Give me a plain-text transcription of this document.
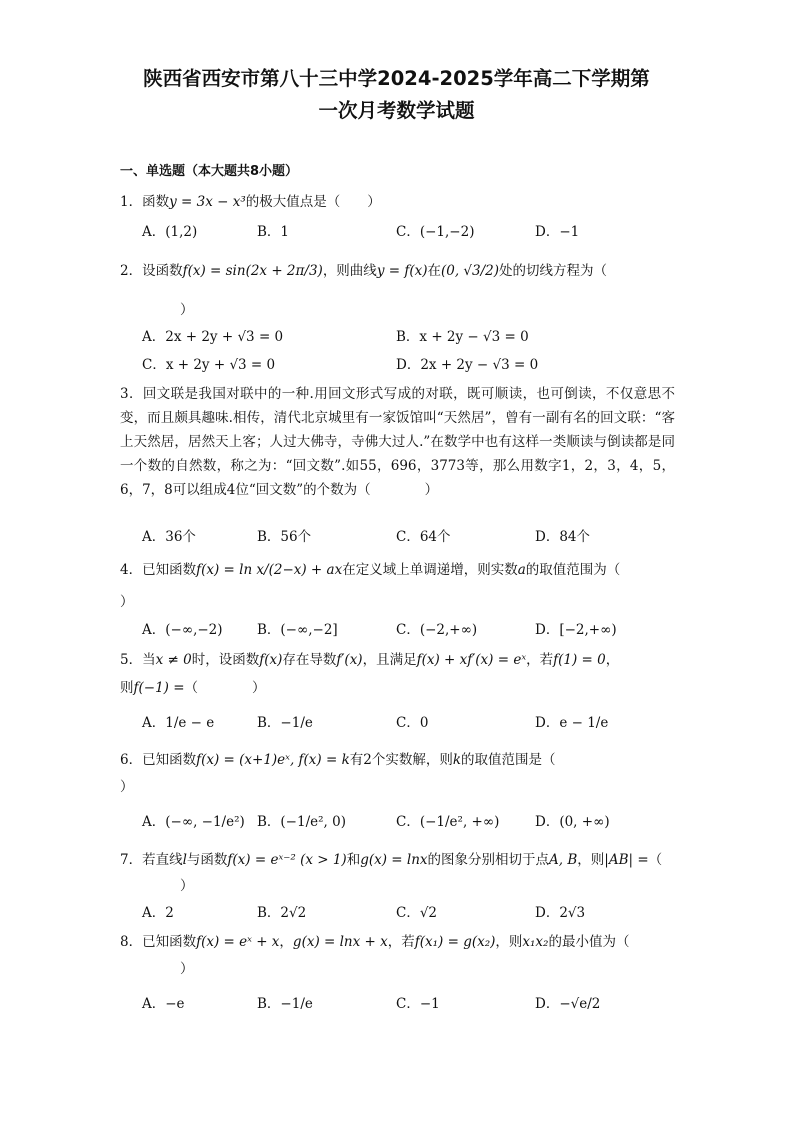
陕西省西安市第八十三中学2024-2025学年高二下学期第
一次月考数学试题
一、单选题（本大题共8小题）
1．函数y = 3x − x³的极大值点是（　　）
A．(1,2)	B．1	C．(−1,−2)	D．−1
2．设函数f(x) = sin(2x + 2π/3)，则曲线y = f(x)在(0, √3/2)处的切线方程为（
）
A．2x + 2y + √3 = 0	B．x + 2y − √3 = 0
C．x + 2y + √3 = 0	D．2x + 2y − √3 = 0
3．回文联是我国对联中的一种.用回文形式写成的对联，既可顺读，也可倒读，不仅意思不变，而且颇具趣味.相传，清代北京城里有一家饭馆叫“天然居”，曾有一副有名的回文联：“客上天然居，居然天上客；人过大佛寺，寺佛大过人.”在数学中也有这样一类顺读与倒读都是同一个数的自然数，称之为：“回文数”.如55，696，3773等，那么用数字1，2，3，4，5，6，7，8可以组成4位“回文数”的个数为（　　　　）
A．36个	B．56个	C．64个	D．84个
4．已知函数f(x) = ln x/(2−x) + ax在定义域上单调递增，则实数a的取值范围为（
）
A．(−∞,−2)	B．(−∞,−2]	C．(−2,+∞)	D．[−2,+∞)
5．当x ≠ 0时，设函数f(x)存在导数f′(x)，且满足f(x) + xf′(x) = eˣ，若f(1) = 0，
则f(−1) =（　　　　）
A．1/e − e	B．−1/e	C．0	D．e − 1/e
6．已知函数f(x) = (x+1)eˣ, f(x) = k有2个实数解，则k的取值范围是（
）
A．(−∞, −1/e²) B．(−1/e², 0)	C．(−1/e², +∞)	D．(0, +∞)
7．若直线l与函数f(x) = eˣ⁻² (x > 1)和g(x) = lnx的图象分别相切于点A, B，则|AB| =（
）
A．2	B．2√2	C．√2	D．2√3
8．已知函数f(x) = eˣ + x，g(x) = lnx + x，若f(x₁) = g(x₂)，则x₁x₂的最小值为（
）
A．−e	B．−1/e	C．−1	D．−√e/2
